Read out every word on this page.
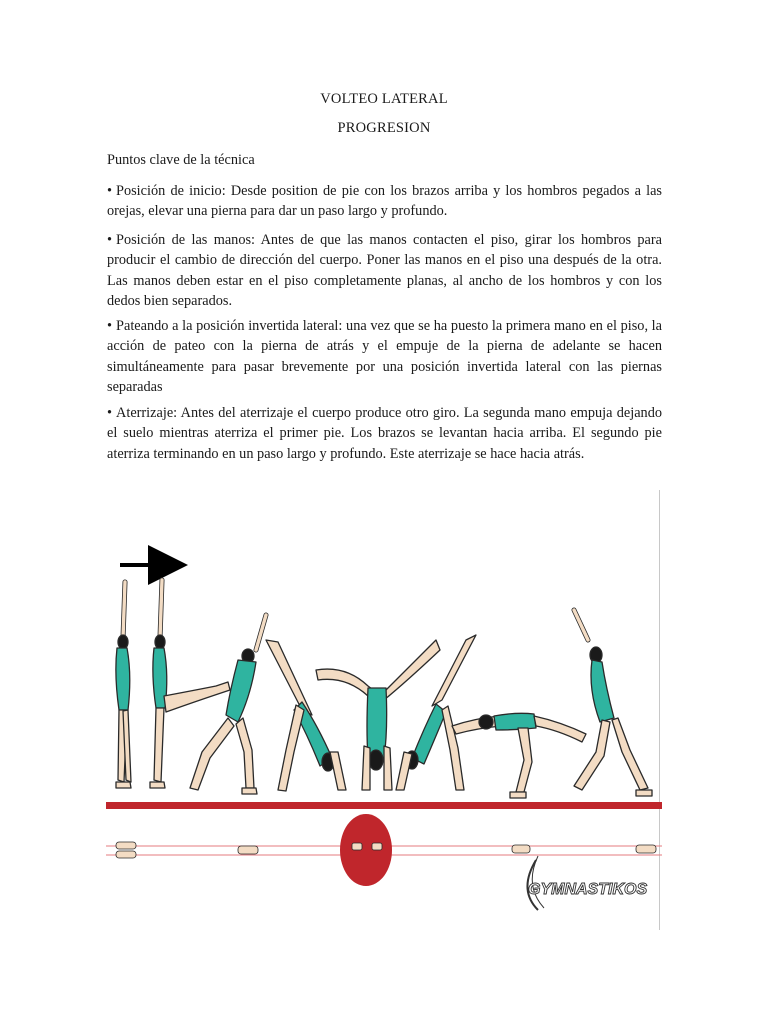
VOLTEO LATERAL
PROGRESION
Puntos clave de la técnica
• Posición de inicio: Desde position de pie con los brazos arriba y los hombros pegados a las orejas, elevar una pierna para dar un paso largo y profundo.
• Posición de las manos: Antes de que las manos contacten el piso, girar los hombros para producir el cambio de dirección del cuerpo. Poner las manos en el piso una después de la otra. Las manos deben estar en el piso completamente planas, al ancho de los hombros y con los dedos bien separados.
• Pateando a la posición invertida lateral: una vez que se ha puesto la primera mano en el piso, la acción de pateo con la pierna de atrás y el empuje de la pierna de adelante se hacen simultáneamente para pasar brevemente por una posición invertida lateral con las piernas separadas
• Aterrizaje: Antes del aterrizaje el cuerpo produce otro giro. La segunda mano empuja dejando el suelo mientras aterriza el primer pie. Los brazos se levantan hacia arriba. El segundo pie aterriza terminando en un paso largo y profundo. Este aterrizaje se hace hacia atrás.
GYMNASTIKOS
